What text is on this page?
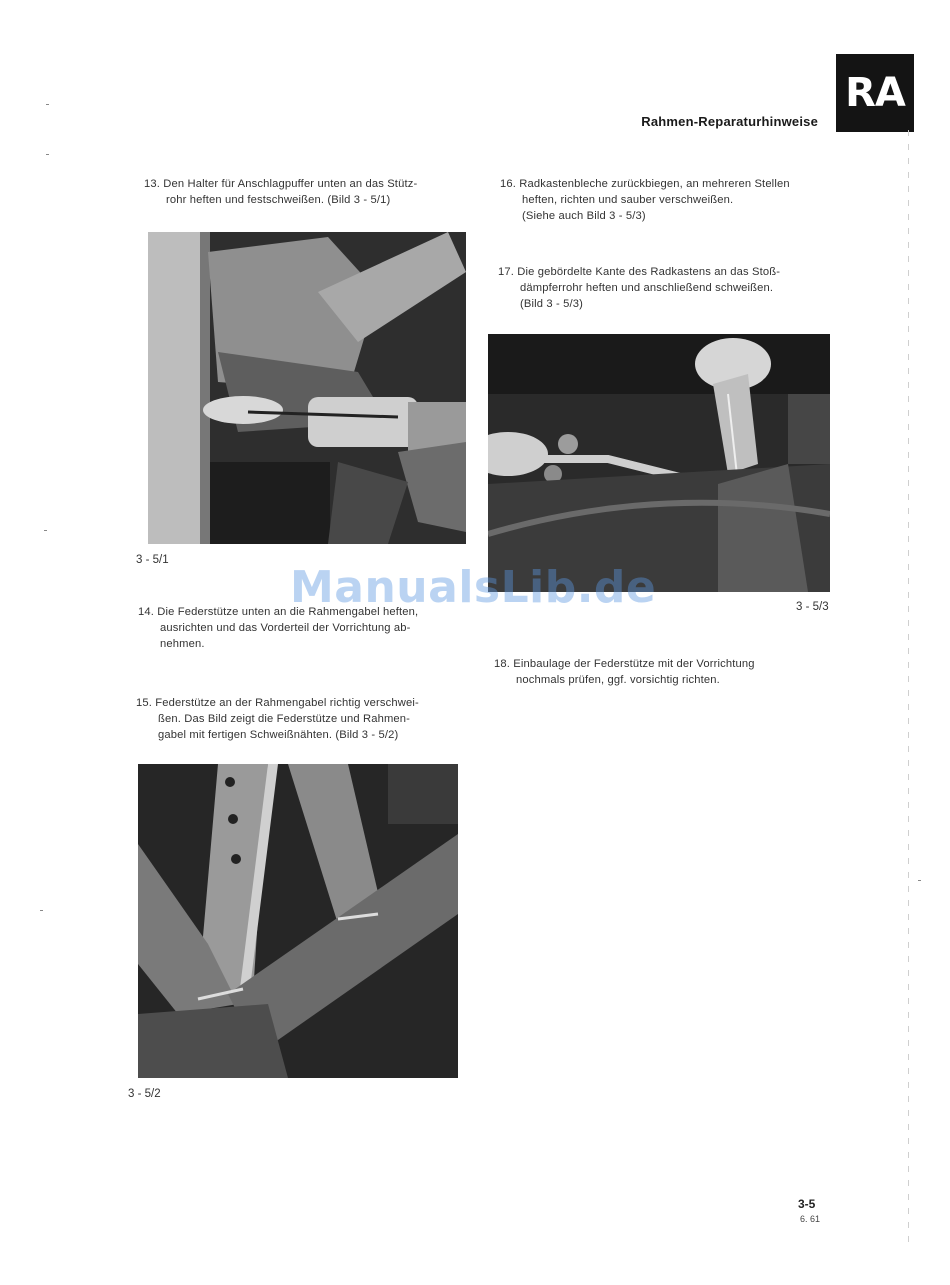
RA
Rahmen-Reparaturhinweise

13. Den Halter für Anschlagpuffer unten an das Stütz-
rohr heften und festschweißen. (Bild 3 - 5/1)

3 - 5/1

14. Die Federstütze unten an die Rahmengabel heften,
ausrichten und das Vorderteil der Vorrichtung ab-
nehmen.

15. Federstütze an der Rahmengabel richtig verschwei-
ßen. Das Bild zeigt die Federstütze und Rahmen-
gabel mit fertigen Schweißnähten. (Bild 3 - 5/2)

3 - 5/2

16. Radkastenbleche zurückbiegen, an mehreren Stellen
heften, richten und sauber verschweißen.
(Siehe auch Bild 3 - 5/3)

17. Die gebördelte Kante des Radkastens an das Stoß-
dämpferrohr heften und anschließend schweißen.
(Bild 3 - 5/3)

3 - 5/3

18. Einbaulage der Federstütze mit der Vorrichtung
nochmals prüfen, ggf. vorsichtig richten.

ManualsLib.de
3-5
6. 61
